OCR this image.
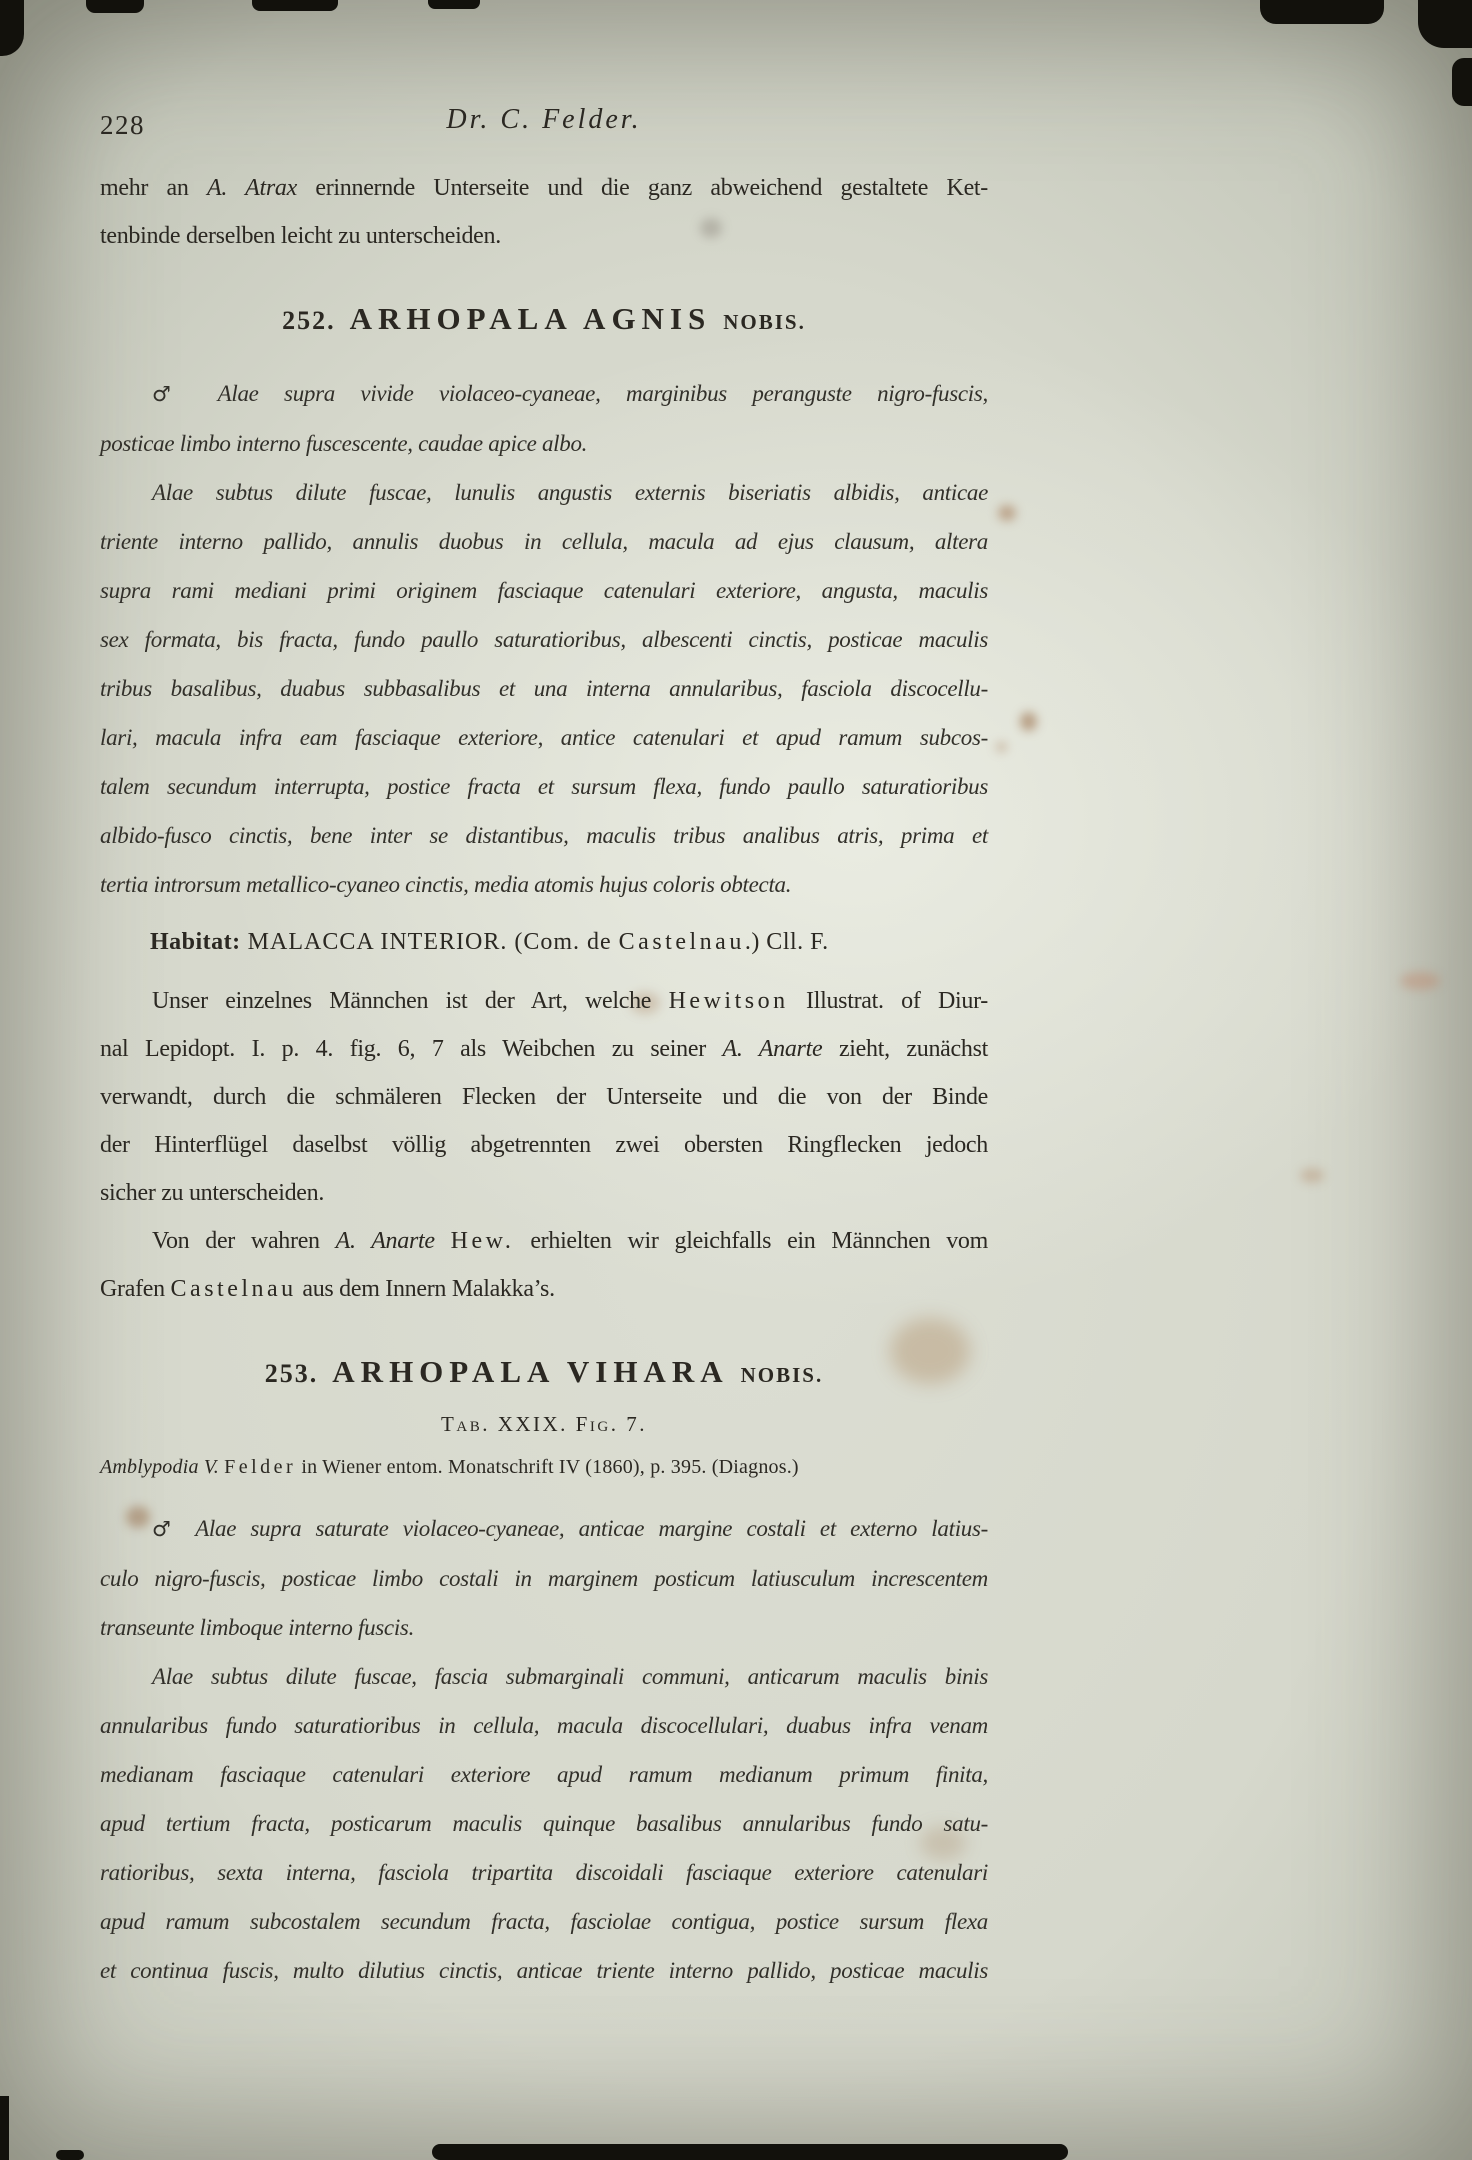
228	Dr. C. Felder.
mehr an A. Atrax erinnernde Unterseite und die ganz abweichend gestaltete Ket-
tenbinde derselben leicht zu unterscheiden.
252. ARHOPALA AGNIS NOBIS.
♂ Alae supra vivide violaceo-cyaneae, marginibus peranguste nigro-fuscis,
posticae limbo interno fuscescente, caudae apice albo.
Alae subtus dilute fuscae, lunulis angustis externis biseriatis albidis, anticae
triente interno pallido, annulis duobus in cellula, macula ad ejus clausum, altera
supra rami mediani primi originem fasciaque catenulari exteriore, angusta, maculis
sex formata, bis fracta, fundo paullo saturatioribus, albescenti cinctis, posticae maculis
tribus basalibus, duabus subbasalibus et una interna annularibus, fasciola discocellu-
lari, macula infra eam fasciaque exteriore, antice catenulari et apud ramum subcos-
talem secundum interrupta, postice fracta et sursum flexa, fundo paullo saturatioribus
albido-fusco cinctis, bene inter se distantibus, maculis tribus analibus atris, prima et
tertia introrsum metallico-cyaneo cinctis, media atomis hujus coloris obtecta.
Habitat: MALACCA INTERIOR. (Com. de Castelnau.) Cll. F.
Unser einzelnes Männchen ist der Art, welche Hewitson Illustrat. of Diur-
nal Lepidopt. I. p. 4. fig. 6, 7 als Weibchen zu seiner A. Anarte zieht, zunächst
verwandt, durch die schmäleren Flecken der Unterseite und die von der Binde
der Hinterflügel daselbst völlig abgetrennten zwei obersten Ringflecken jedoch
sicher zu unterscheiden.
Von der wahren A. Anarte Hew. erhielten wir gleichfalls ein Männchen vom
Grafen Castelnau aus dem Innern Malakka’s.
253. ARHOPALA VIHARA NOBIS.
Tab. XXIX. Fig. 7.
Amblypodia V. Felder in Wiener entom. Monatschrift IV (1860), p. 395. (Diagnos.)
♂ Alae supra saturate violaceo-cyaneae, anticae margine costali et externo latius-
culo nigro-fuscis, posticae limbo costali in marginem posticum latiusculum increscentem
transeunte limboque interno fuscis.
Alae subtus dilute fuscae, fascia submarginali communi, anticarum maculis binis
annularibus fundo saturatioribus in cellula, macula discocellulari, duabus infra venam
medianam fasciaque catenulari exteriore apud ramum medianum primum finita,
apud tertium fracta, posticarum maculis quinque basalibus annularibus fundo satu-
ratioribus, sexta interna, fasciola tripartita discoidali fasciaque exteriore catenulari
apud ramum subcostalem secundum fracta, fasciolae contigua, postice sursum flexa
et continua fuscis, multo dilutius cinctis, anticae triente interno pallido, posticae maculis
